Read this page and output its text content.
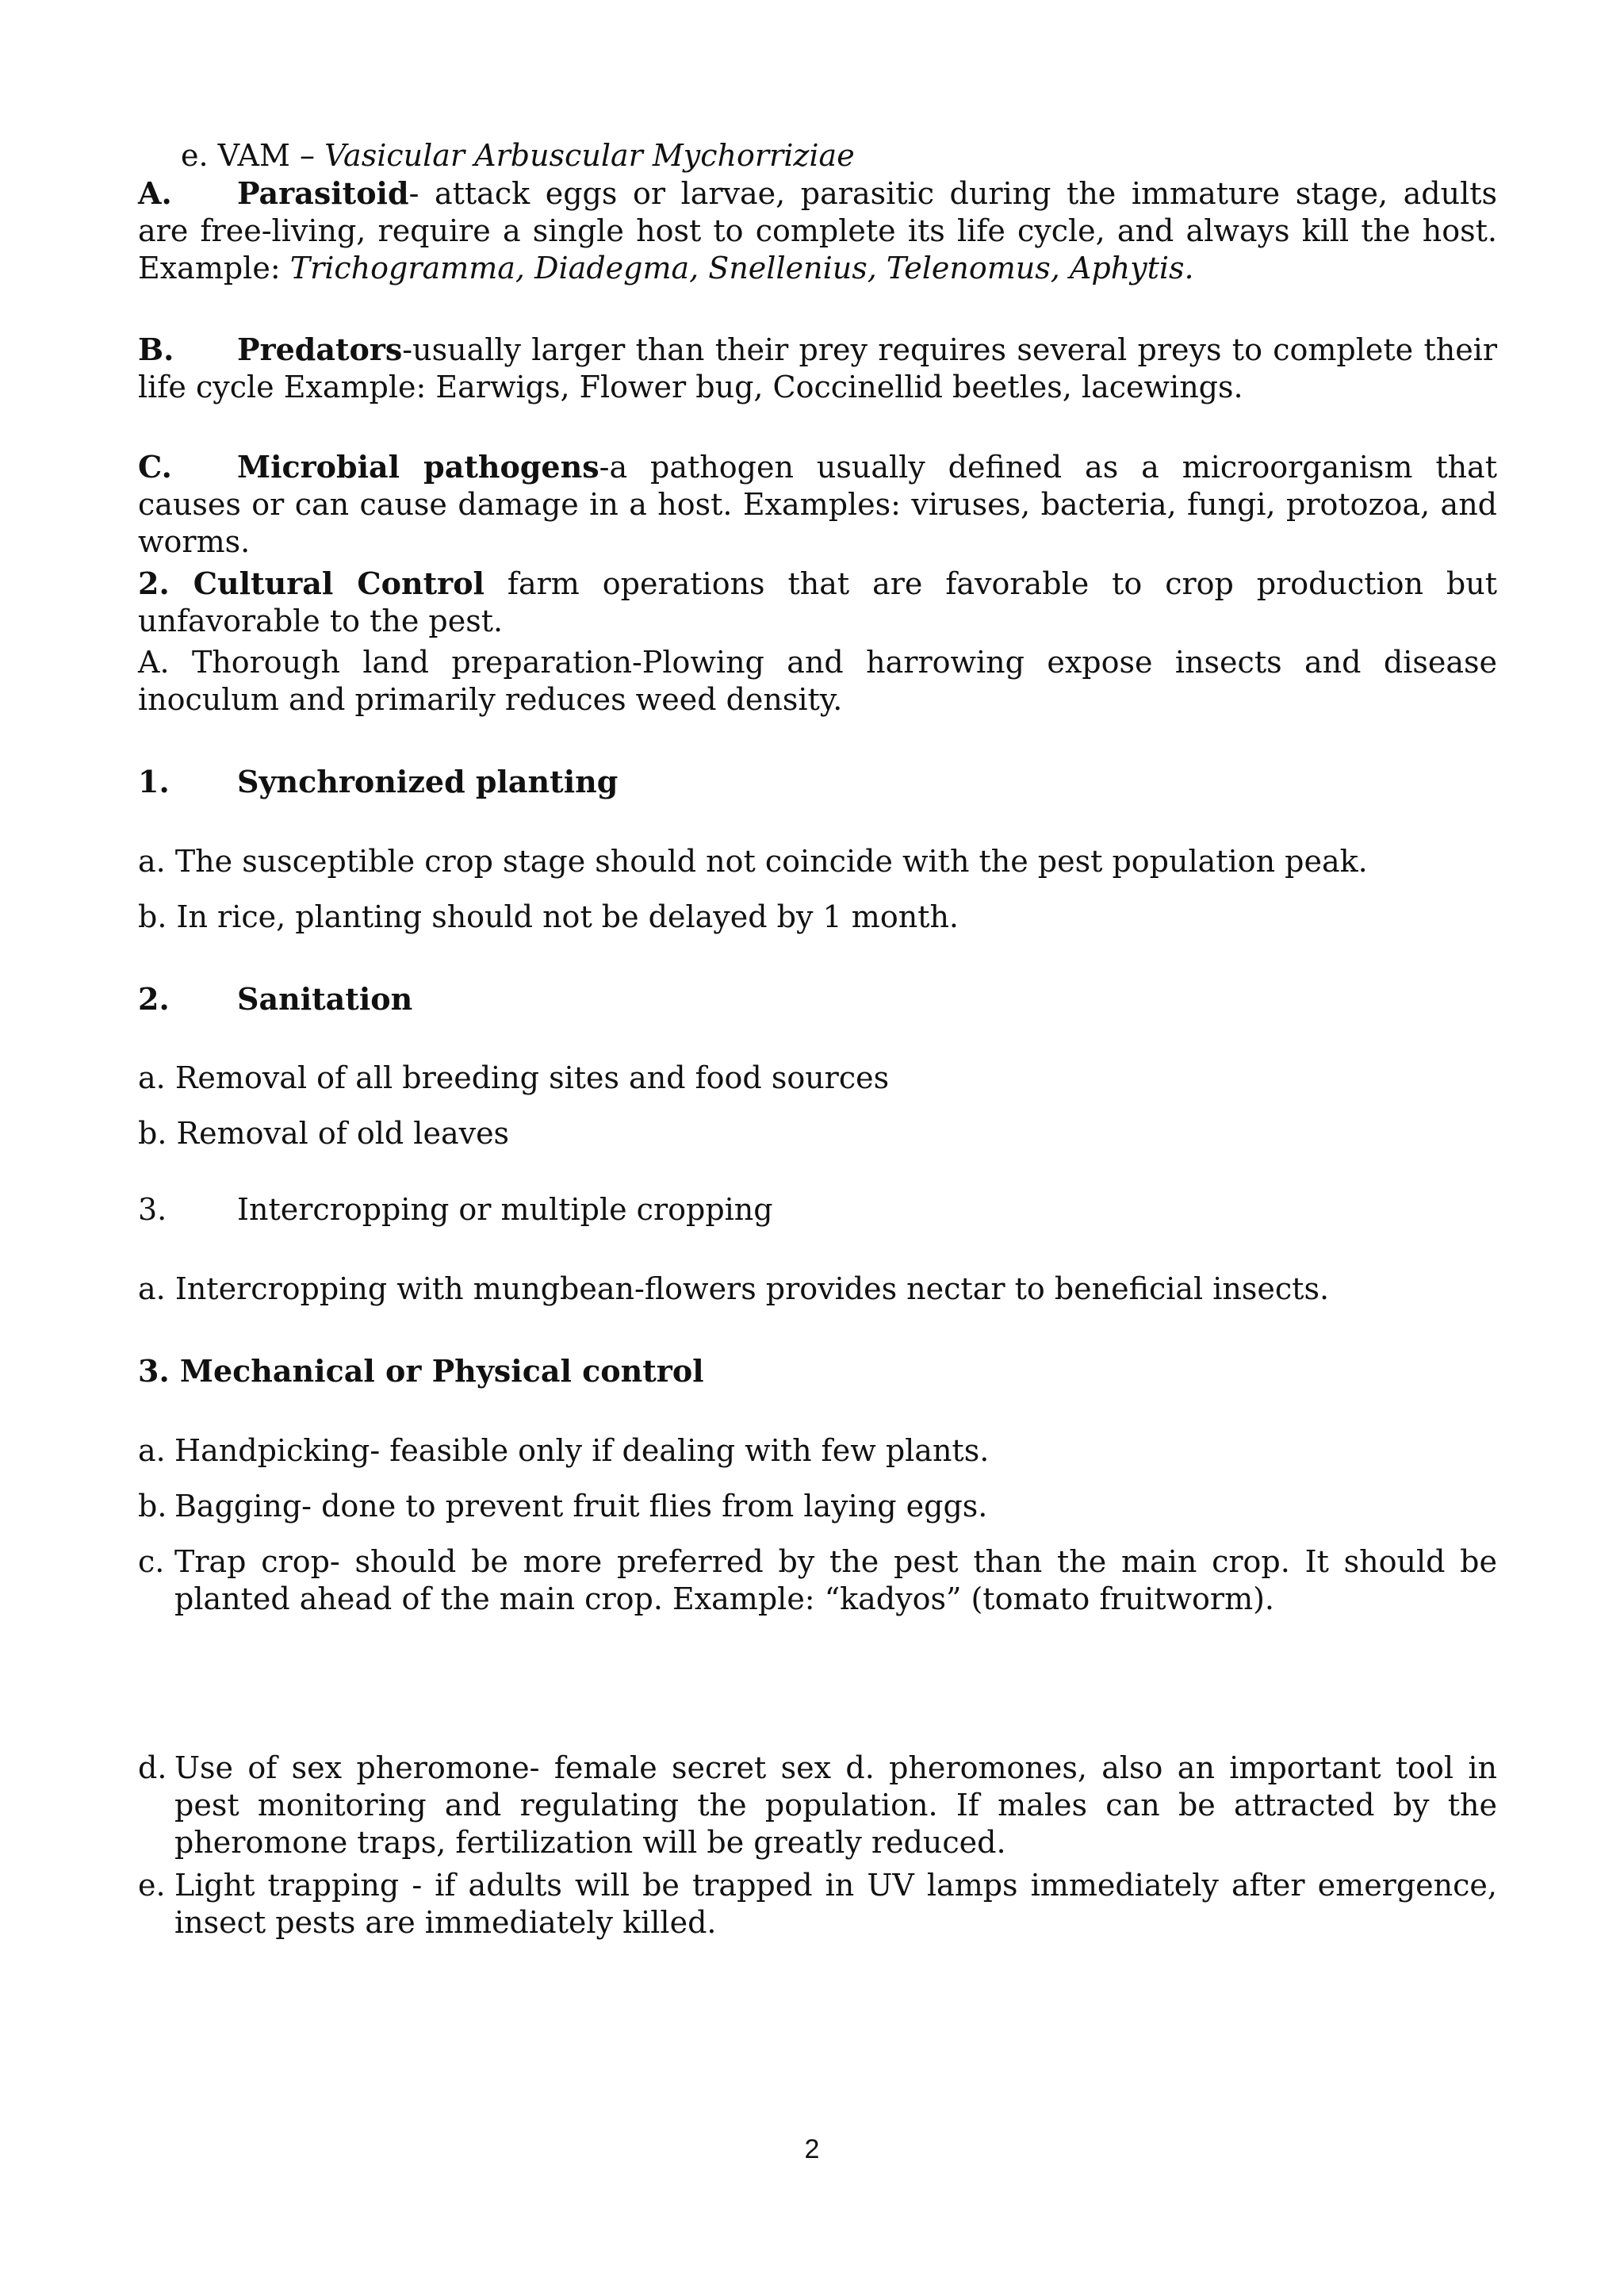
e. VAM – Vasicular Arbuscular Mychorriziae
A. Parasitoid- attack eggs or larvae, parasitic during the immature stage, adults are free-living, require a single host to complete its life cycle, and always kill the host. Example: Trichogramma, Diadegma, Snellenius, Telenomus, Aphytis.
B. Predators-usually larger than their prey requires several preys to complete their life cycle Example: Earwigs, Flower bug, Coccinellid beetles, lacewings.
C. Microbial pathogens-a pathogen usually defined as a microorganism that causes or can cause damage in a host. Examples: viruses, bacteria, fungi, protozoa, and worms.
2. Cultural Control farm operations that are favorable to crop production but unfavorable to the pest.
A. Thorough land preparation-Plowing and harrowing expose insects and disease inoculum and primarily reduces weed density.
1. Synchronized planting
a. The susceptible crop stage should not coincide with the pest population peak.
b. In rice, planting should not be delayed by 1 month.
2. Sanitation
a. Removal of all breeding sites and food sources
b. Removal of old leaves
3. Intercropping or multiple cropping
a. Intercropping with mungbean-flowers provides nectar to beneficial insects.
3. Mechanical or Physical control
a. Handpicking- feasible only if dealing with few plants.
b. Bagging- done to prevent fruit flies from laying eggs.
c. Trap crop- should be more preferred by the pest than the main crop. It should be planted ahead of the main crop. Example: “kadyos” (tomato fruitworm).
d. Use of sex pheromone- female secret sex d. pheromones, also an important tool in pest monitoring and regulating the population. If males can be attracted by the pheromone traps, fertilization will be greatly reduced.
e. Light trapping - if adults will be trapped in UV lamps immediately after emergence, insect pests are immediately killed.
2
